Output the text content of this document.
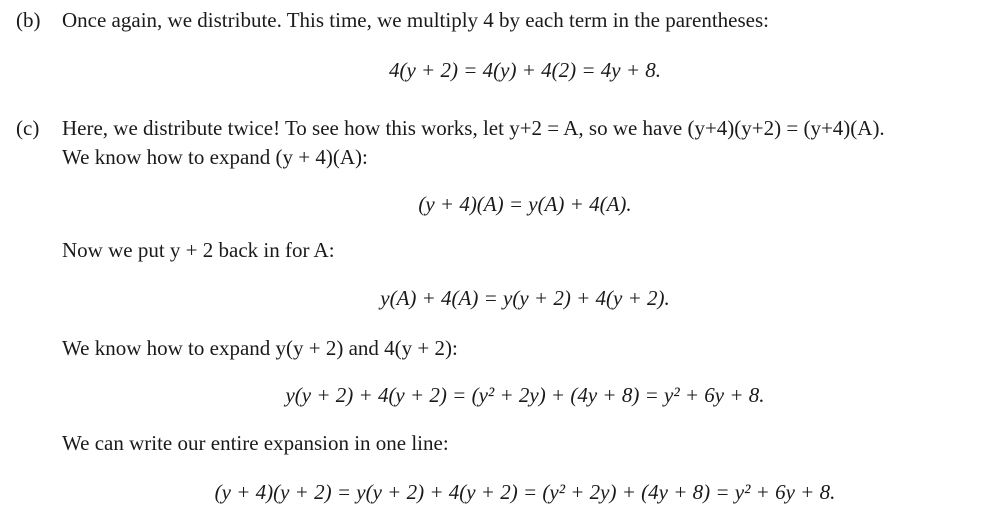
(b) Once again, we distribute. This time, we multiply 4 by each term in the parentheses:
4(y + 2) = 4(y) + 4(2) = 4y + 8.
(c) Here, we distribute twice! To see how this works, let y+2 = A, so we have (y+4)(y+2) = (y+4)(A).
We know how to expand (y + 4)(A):
(y + 4)(A) = y(A) + 4(A).
Now we put y + 2 back in for A:
y(A) + 4(A) = y(y + 2) + 4(y + 2).
We know how to expand y(y + 2) and 4(y + 2):
y(y + 2) + 4(y + 2) = (y² + 2y) + (4y + 8) = y² + 6y + 8.
We can write our entire expansion in one line:
(y + 4)(y + 2) = y(y + 2) + 4(y + 2) = (y² + 2y) + (4y + 8) = y² + 6y + 8.
